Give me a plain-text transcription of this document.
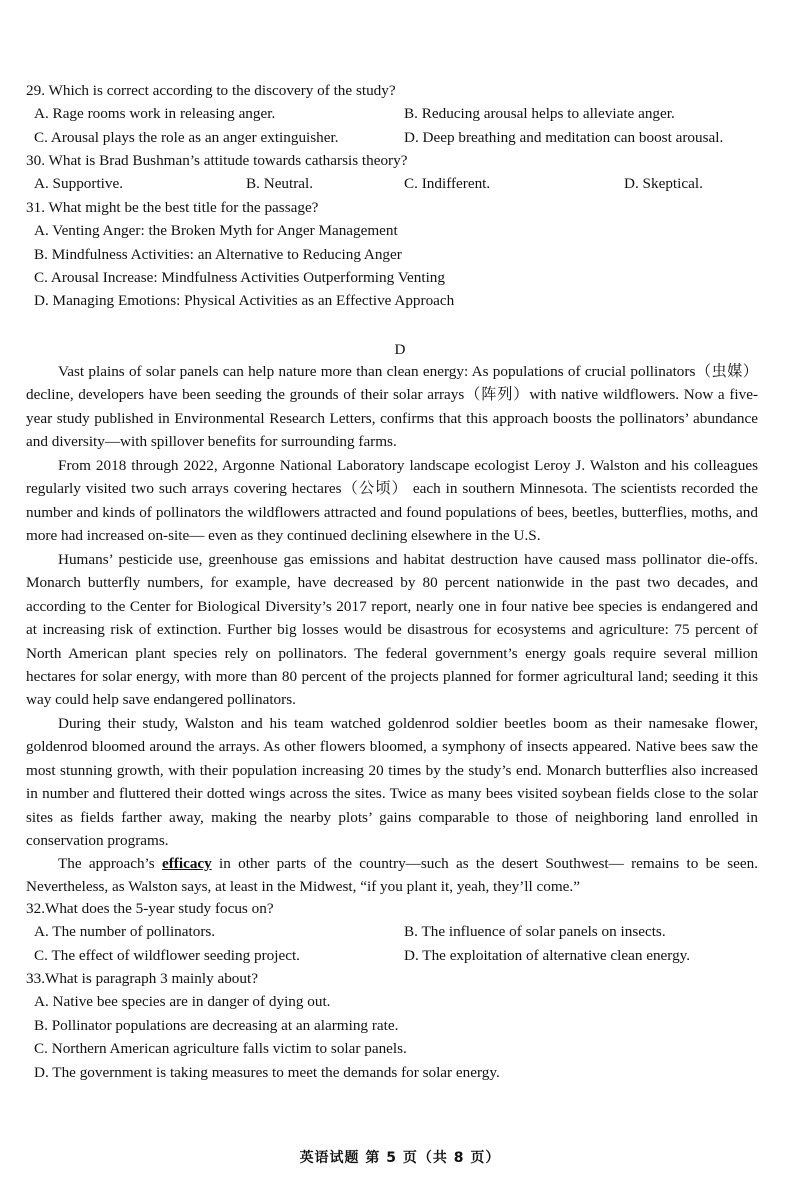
29. Which is correct according to the discovery of the study?
A. Rage rooms work in releasing anger.	B. Reducing arousal helps to alleviate anger.
C. Arousal plays the role as an anger extinguisher.	D. Deep breathing and meditation can boost arousal.
30. What is Brad Bushman’s attitude towards catharsis theory?
A. Supportive.	B. Neutral.	C. Indifferent.	D. Skeptical.
31. What might be the best title for the passage?
A. Venting Anger: the Broken Myth for Anger Management
B. Mindfulness Activities: an Alternative to Reducing Anger
C. Arousal Increase: Mindfulness Activities Outperforming Venting
D. Managing Emotions: Physical Activities as an Effective Approach
D
Vast plains of solar panels can help nature more than clean energy: As populations of crucial pollinators（虫媒） decline, developers have been seeding the grounds of their solar arrays（阵列）with native wildflowers. Now a five-year study published in Environmental Research Letters, confirms that this approach boosts the pollinators’ abundance and diversity—with spillover benefits for surrounding farms.
From 2018 through 2022, Argonne National Laboratory landscape ecologist Leroy J. Walston and his colleagues regularly visited two such arrays covering hectares（公顷） each in southern Minnesota. The scientists recorded the number and kinds of pollinators the wildflowers attracted and found populations of bees, beetles, butterflies, moths, and more had increased on-site— even as they continued declining elsewhere in the U.S.
Humans’ pesticide use, greenhouse gas emissions and habitat destruction have caused mass pollinator die-offs. Monarch butterfly numbers, for example, have decreased by 80 percent nationwide in the past two decades, and according to the Center for Biological Diversity’s 2017 report, nearly one in four native bee species is endangered and at increasing risk of extinction. Further big losses would be disastrous for ecosystems and agriculture: 75 percent of North American plant species rely on pollinators. The federal government’s energy goals require several million hectares for solar energy, with more than 80 percent of the projects planned for former agricultural land; seeding it this way could help save endangered pollinators.
During their study, Walston and his team watched goldenrod soldier beetles boom as their namesake flower, goldenrod bloomed around the arrays. As other flowers bloomed, a symphony of insects appeared. Native bees saw the most stunning growth, with their population increasing 20 times by the study’s end. Monarch butterflies also increased in number and fluttered their dotted wings across the sites. Twice as many bees visited soybean fields close to the solar sites as fields farther away, making the nearby plots’ gains comparable to those of neighboring land enrolled in conservation programs.
The approach’s efficacy in other parts of the country—such as the desert Southwest— remains to be seen. Nevertheless, as Walston says, at least in the Midwest, “if you plant it, yeah, they’ll come.”
32.What does the 5-year study focus on?
A. The number of pollinators.	B. The influence of solar panels on insects.
C. The effect of wildflower seeding project.	D. The exploitation of alternative clean energy.
33.What is paragraph 3 mainly about?
A. Native bee species are in danger of dying out.
B. Pollinator populations are decreasing at an alarming rate.
C. Northern American agriculture falls victim to solar panels.
D. The government is taking measures to meet the demands for solar energy.
英语试题 第 5 页（共 8 页）
